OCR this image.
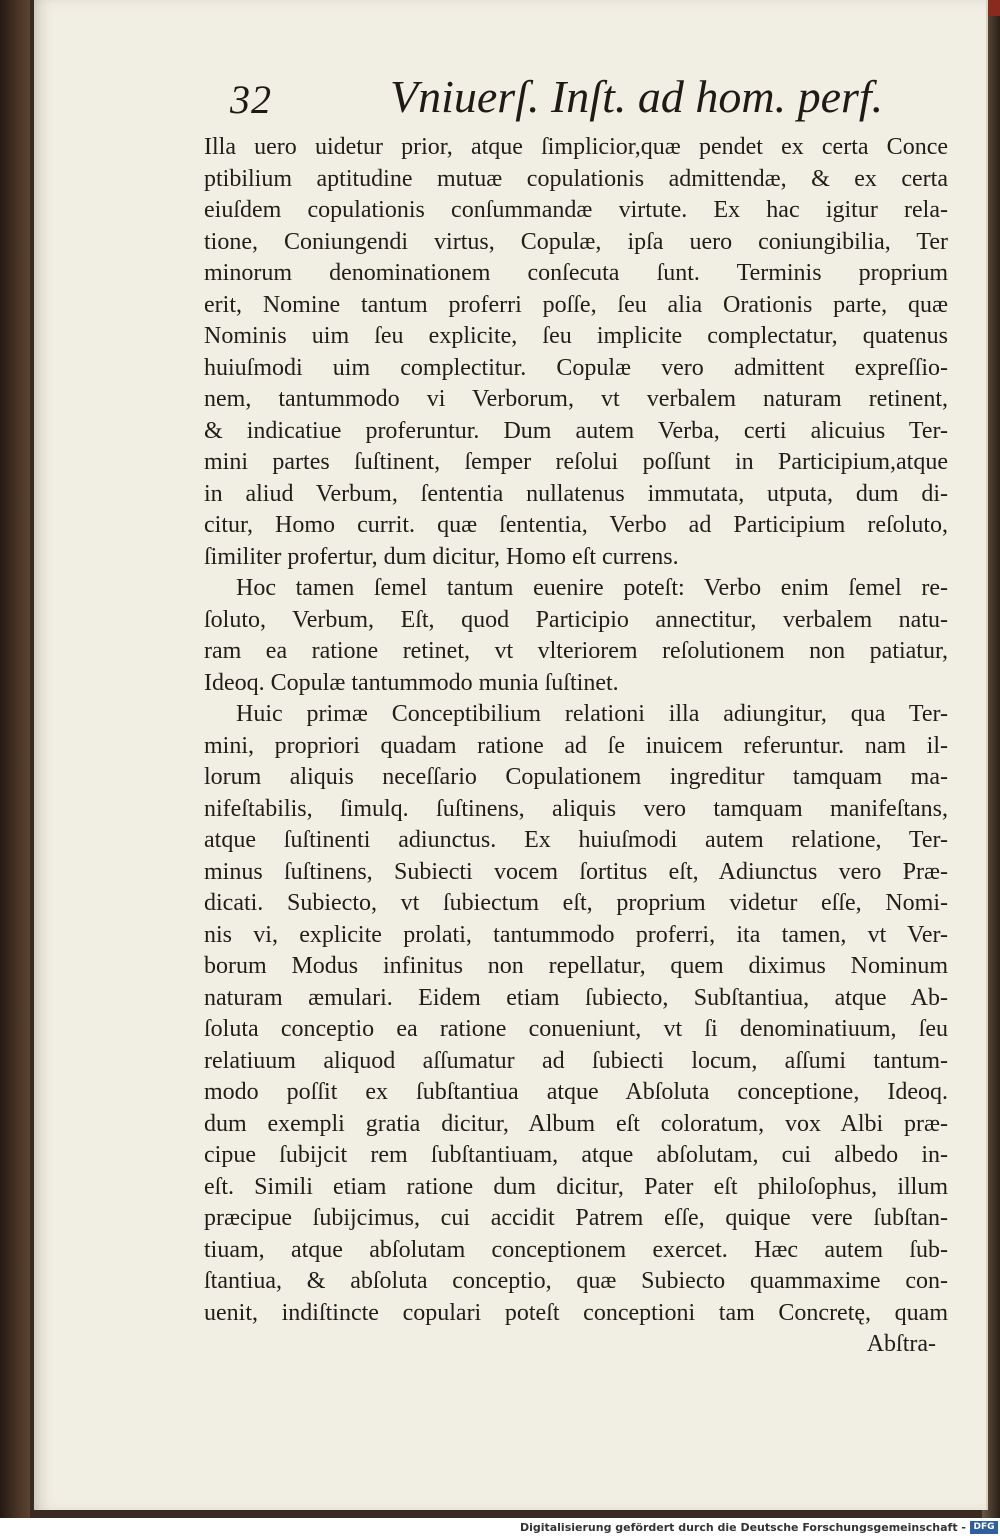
32	Vniuerſ. Inſt. ad hom. perf.
Illa uero uidetur prior, atque ſimplicior,quæ pendet ex certa Conce
ptibilium aptitudine mutuæ copulationis admittendæ, & ex certa
eiuſdem copulationis conſummandæ virtute. Ex hac igitur rela-
tione, Coniungendi virtus, Copulæ, ipſa uero coniungibilia, Ter
minorum denominationem conſecuta ſunt. Terminis proprium
erit, Nomine tantum proferri poſſe, ſeu alia Orationis parte, quæ
Nominis uim ſeu explicite, ſeu implicite complectatur, quatenus
huiuſmodi uim complectitur. Copulæ vero admittent expreſſio-
nem, tantummodo vi Verborum, vt verbalem naturam retinent,
& indicatiue proferuntur. Dum autem Verba, certi alicuius Ter-
mini partes ſuſtinent, ſemper reſolui poſſunt in Participium,atque
in aliud Verbum, ſententia nullatenus immutata, utputa, dum di-
citur, Homo currit. quæ ſententia, Verbo ad Participium reſoluto,
ſimiliter profertur, dum dicitur, Homo eſt currens.
Hoc tamen ſemel tantum euenire poteſt: Verbo enim ſemel re-
ſoluto, Verbum, Eſt, quod Participio annectitur, verbalem natu-
ram ea ratione retinet, vt vlteriorem reſolutionem non patiatur,
Ideoq. Copulæ tantummodo munia ſuſtinet.
Huic primæ Conceptibilium relationi illa adiungitur, qua Ter-
mini, propriori quadam ratione ad ſe inuicem referuntur. nam il-
lorum aliquis neceſſario Copulationem ingreditur tamquam ma-
nifeſtabilis, ſimulq. ſuſtinens, aliquis vero tamquam manifeſtans,
atque ſuſtinenti adiunctus. Ex huiuſmodi autem relatione, Ter-
minus ſuſtinens, Subiecti vocem ſortitus eſt, Adiunctus vero Præ-
dicati. Subiecto, vt ſubiectum eſt, proprium videtur eſſe, Nomi-
nis vi, explicite prolati, tantummodo proferri, ita tamen, vt Ver-
borum Modus infinitus non repellatur, quem diximus Nominum
naturam æmulari. Eidem etiam ſubiecto, Subſtantiua, atque Ab-
ſoluta conceptio ea ratione conueniunt, vt ſi denominatiuum, ſeu
relatiuum aliquod aſſumatur ad ſubiecti locum, aſſumi tantum-
modo poſſit ex ſubſtantiua atque Abſoluta conceptione, Ideoq.
dum exempli gratia dicitur, Album eſt coloratum, vox Albi præ-
cipue ſubijcit rem ſubſtantiuam, atque abſolutam, cui albedo in-
eſt. Simili etiam ratione dum dicitur, Pater eſt philoſophus, illum
præcipue ſubijcimus, cui accidit Patrem eſſe, quique vere ſubſtan-
tiuam, atque abſolutam conceptionem exercet. Hæc autem ſub-
ſtantiua, & abſoluta conceptio, quæ Subiecto quammaxime con-
uenit, indiſtincte copulari poteſt conceptioni tam Concretę, quam
Abſtra-
Digitalisierung gefördert durch die Deutsche Forschungsgemeinschaft - DFG
